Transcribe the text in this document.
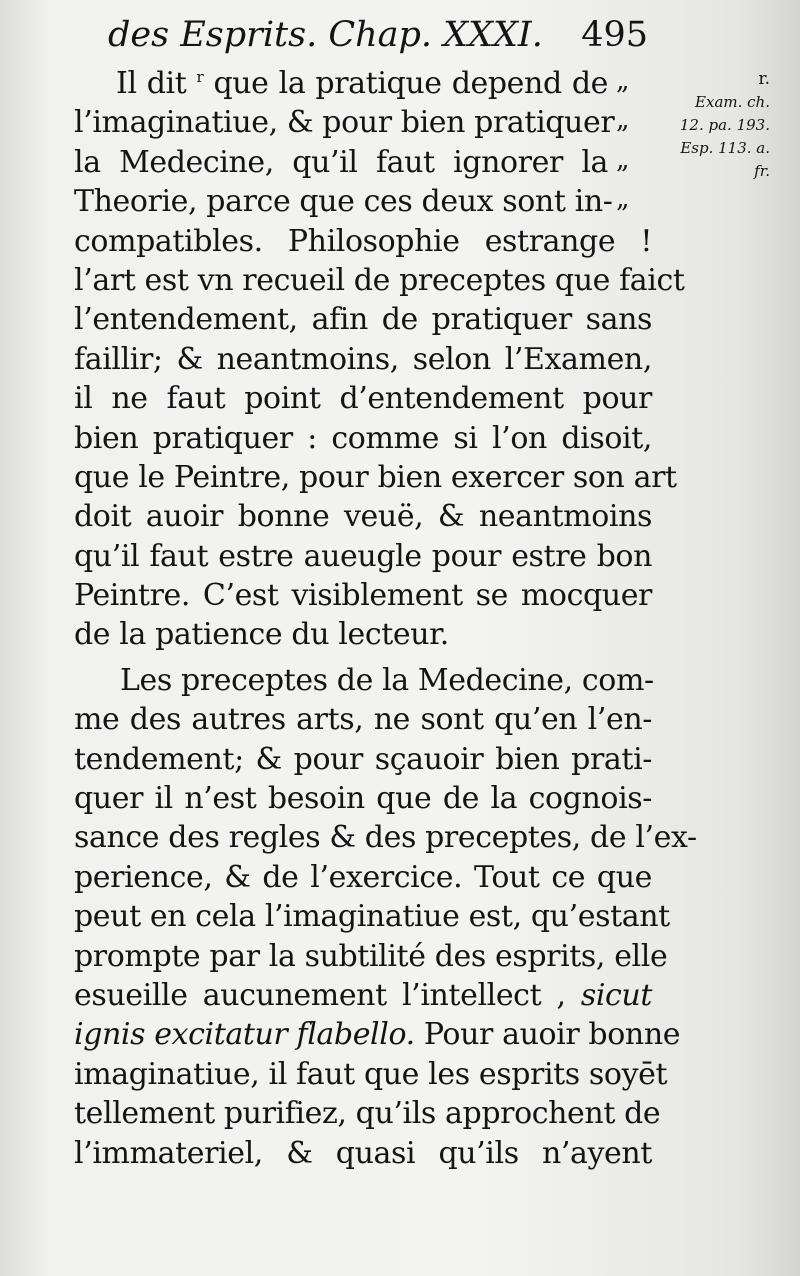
des Esprits. Chap. XXXI. 495
r.
Exam. ch.
12. pa. 193.
Esp. 113. a.
fr.
„
„
„
„
Il dit $^r$ que la pratique depend de
l’imaginatiue, & pour bien pratiquer
la Medecine, qu’il faut ignorer la
Theorie, parce que ces deux sont in-
compatibles. Philosophie estrange !
l’art est vn recueil de preceptes que faict
l’entendement, afin de pratiquer sans
faillir; & neantmoins, selon l’Examen,
il ne faut point d’entendement pour
bien pratiquer : comme si l’on disoit,
que le Peintre, pour bien exercer son art
doit auoir bonne veuë, & neantmoins
qu’il faut estre aueugle pour estre bon
Peintre. C’est visiblement se mocquer
de la patience du lecteur.
Les preceptes de la Medecine, com-
me des autres arts, ne sont qu’en l’en-
tendement; & pour sçauoir bien prati-
quer il n’est besoin que de la cognois-
sance des regles & des preceptes, de l’ex-
perience, & de l’exercice. Tout ce que
peut en cela l’imaginatiue est, qu’estant
prompte par la subtilité des esprits, elle
esueille aucunement l’intellect , sicut
ignis excitatur flabello. Pour auoir bonne
imaginatiue, il faut que les esprits soyēt
tellement purifiez, qu’ils approchent de
l’immateriel, & quasi qu’ils n’ayent
